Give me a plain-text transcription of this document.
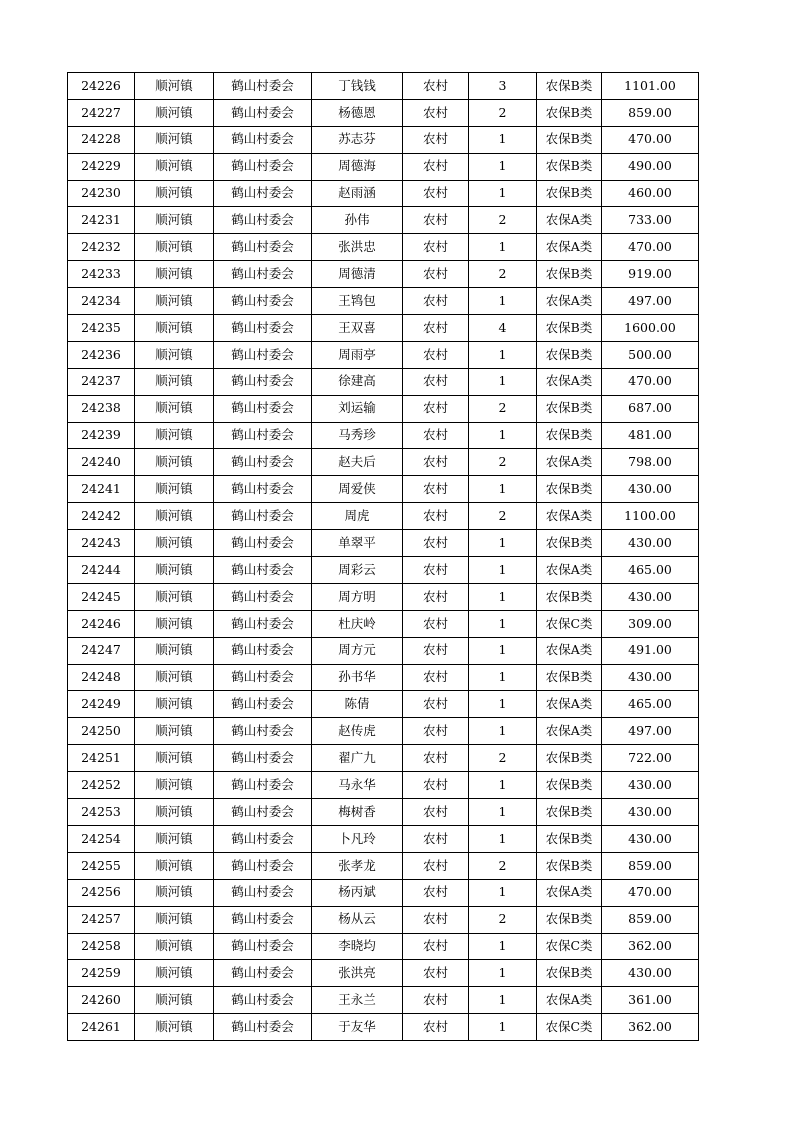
24226	顺河镇	鹤山村委会	丁钱钱	农村	3	农保B类	1101.00
24227	顺河镇	鹤山村委会	杨德恩	农村	2	农保B类	859.00
24228	顺河镇	鹤山村委会	苏志芬	农村	1	农保B类	470.00
24229	顺河镇	鹤山村委会	周德海	农村	1	农保B类	490.00
24230	顺河镇	鹤山村委会	赵雨涵	农村	1	农保B类	460.00
24231	顺河镇	鹤山村委会	孙伟	农村	2	农保A类	733.00
24232	顺河镇	鹤山村委会	张洪忠	农村	1	农保A类	470.00
24233	顺河镇	鹤山村委会	周德清	农村	2	农保B类	919.00
24234	顺河镇	鹤山村委会	王鸨包	农村	1	农保A类	497.00
24235	顺河镇	鹤山村委会	王双喜	农村	4	农保B类	1600.00
24236	顺河镇	鹤山村委会	周雨亭	农村	1	农保B类	500.00
24237	顺河镇	鹤山村委会	徐建高	农村	1	农保A类	470.00
24238	顺河镇	鹤山村委会	刘运输	农村	2	农保B类	687.00
24239	顺河镇	鹤山村委会	马秀珍	农村	1	农保B类	481.00
24240	顺河镇	鹤山村委会	赵夫后	农村	2	农保A类	798.00
24241	顺河镇	鹤山村委会	周爱侠	农村	1	农保B类	430.00
24242	顺河镇	鹤山村委会	周虎	农村	2	农保A类	1100.00
24243	顺河镇	鹤山村委会	单翠平	农村	1	农保B类	430.00
24244	顺河镇	鹤山村委会	周彩云	农村	1	农保A类	465.00
24245	顺河镇	鹤山村委会	周方明	农村	1	农保B类	430.00
24246	顺河镇	鹤山村委会	杜庆岭	农村	1	农保C类	309.00
24247	顺河镇	鹤山村委会	周方元	农村	1	农保A类	491.00
24248	顺河镇	鹤山村委会	孙书华	农村	1	农保B类	430.00
24249	顺河镇	鹤山村委会	陈倩	农村	1	农保A类	465.00
24250	顺河镇	鹤山村委会	赵传虎	农村	1	农保A类	497.00
24251	顺河镇	鹤山村委会	翟广九	农村	2	农保B类	722.00
24252	顺河镇	鹤山村委会	马永华	农村	1	农保B类	430.00
24253	顺河镇	鹤山村委会	梅树香	农村	1	农保B类	430.00
24254	顺河镇	鹤山村委会	卜凡玲	农村	1	农保B类	430.00
24255	顺河镇	鹤山村委会	张孝龙	农村	2	农保B类	859.00
24256	顺河镇	鹤山村委会	杨丙斌	农村	1	农保A类	470.00
24257	顺河镇	鹤山村委会	杨从云	农村	2	农保B类	859.00
24258	顺河镇	鹤山村委会	李晓均	农村	1	农保C类	362.00
24259	顺河镇	鹤山村委会	张洪亮	农村	1	农保B类	430.00
24260	顺河镇	鹤山村委会	王永兰	农村	1	农保A类	361.00
24261	顺河镇	鹤山村委会	于友华	农村	1	农保C类	362.00
